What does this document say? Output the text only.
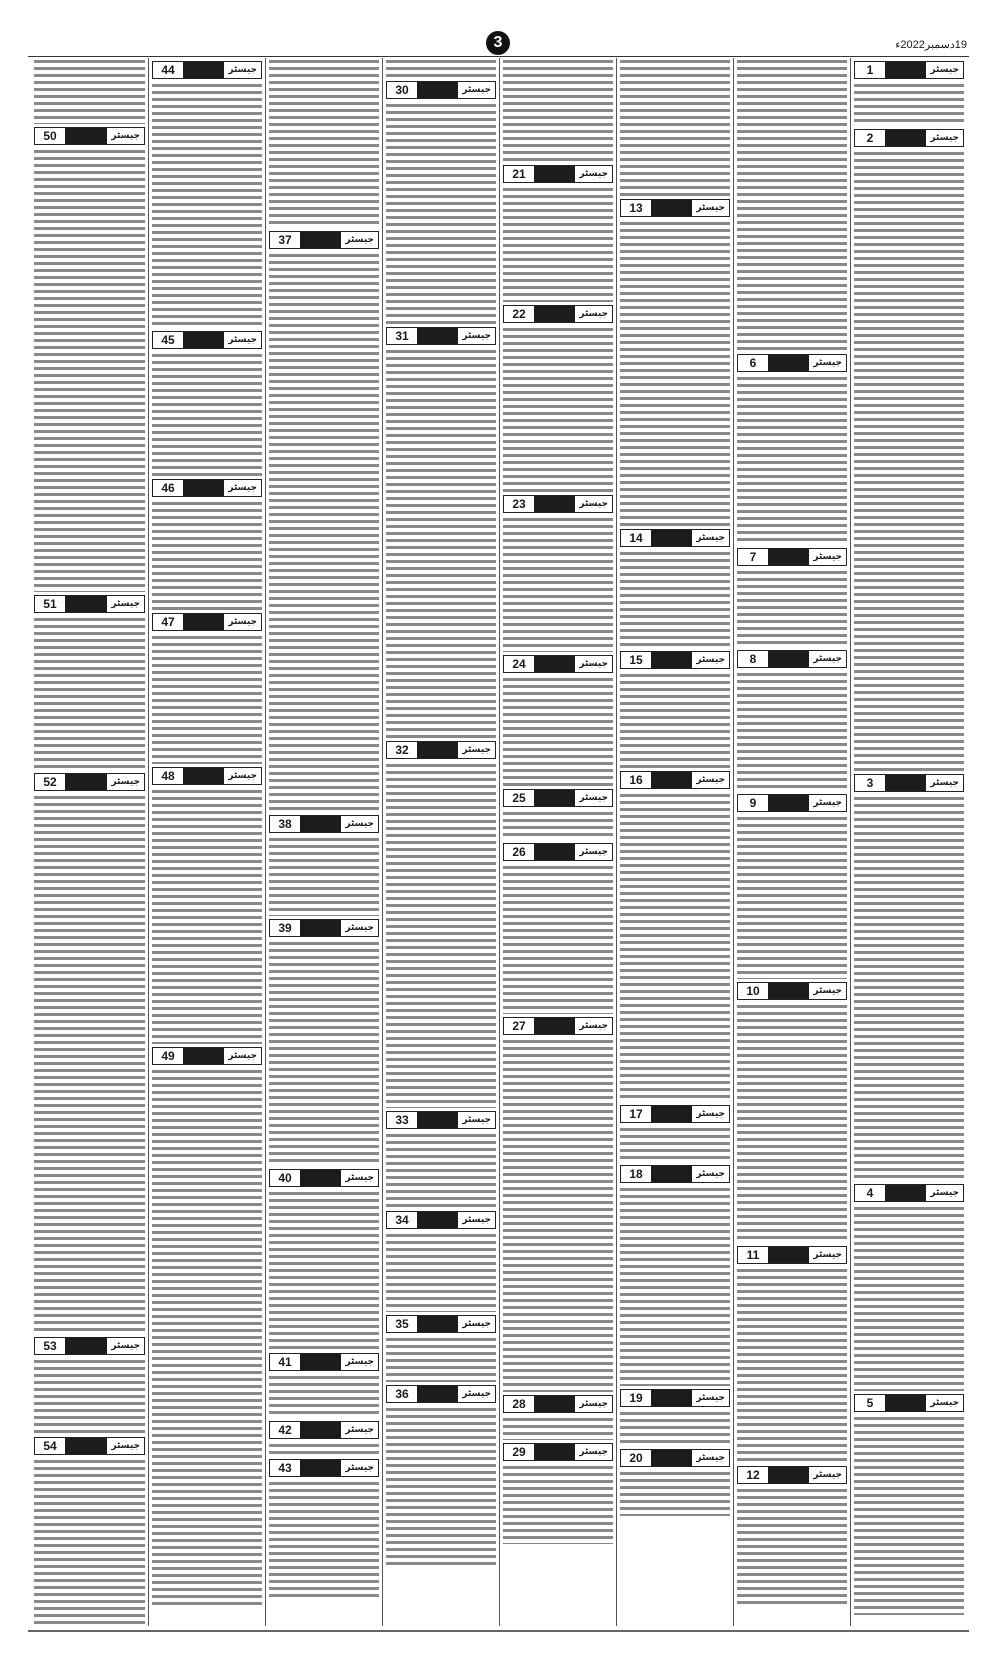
3	19دسمبر2022ء
جیسٹر
1
جیسٹر
2
جیسٹر
3
جیسٹر
4
جیسٹر
5
جیسٹر
6
جیسٹر
7
جیسٹر
8
جیسٹر
9
جیسٹر
10
جیسٹر
11
جیسٹر
12
جیسٹر
13
جیسٹر
14
جیسٹر
15
جیسٹر
16
جیسٹر
17
جیسٹر
18
جیسٹر
19
جیسٹر
20
جیسٹر
21
جیسٹر
22
جیسٹر
23
جیسٹر
24
جیسٹر
25
جیسٹر
26
جیسٹر
27
جیسٹر
28
جیسٹر
29
جیسٹر
30
جیسٹر
31
جیسٹر
32
جیسٹر
33
جیسٹر
34
جیسٹر
35
جیسٹر
36
جیسٹر
37
جیسٹر
38
جیسٹر
39
جیسٹر
40
جیسٹر
41
جیسٹر
42
جیسٹر
43
جیسٹر
44
جیسٹر
45
جیسٹر
46
جیسٹر
47
جیسٹر
48
جیسٹر
49
جیسٹر
50
جیسٹر
51
جیسٹر
52
جیسٹر
53
جیسٹر
54
